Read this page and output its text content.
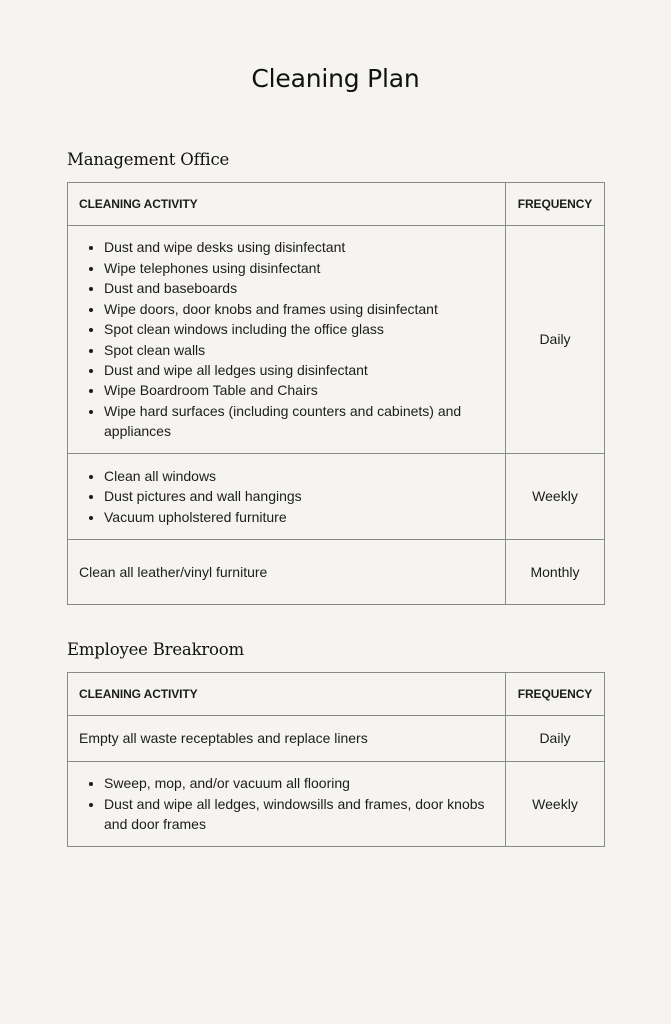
Cleaning Plan
Management Office
CLEANING ACTIVITY	FREQUENCY

• Dust and wipe desks using disinfectant
• Wipe telephones using disinfectant
• Dust and baseboards
• Wipe doors, door knobs and frames using disinfectant
• Spot clean windows including the office glass
• Spot clean walls
• Dust and wipe all ledges using disinfectant
• Wipe Boardroom Table and Chairs
• Wipe hard surfaces (including counters and cabinets) and appliances
	Daily

• Clean all windows
• Dust pictures and wall hangings
• Vacuum upholstered furniture
	Weekly
Clean all leather/vinyl furniture	Monthly
Employee Breakroom
CLEANING ACTIVITY	FREQUENCY
Empty all waste receptables and replace liners	Daily

• Sweep, mop, and/or vacuum all flooring
• Dust and wipe all ledges, windowsills and frames, door knobs and door frames
	Weekly
